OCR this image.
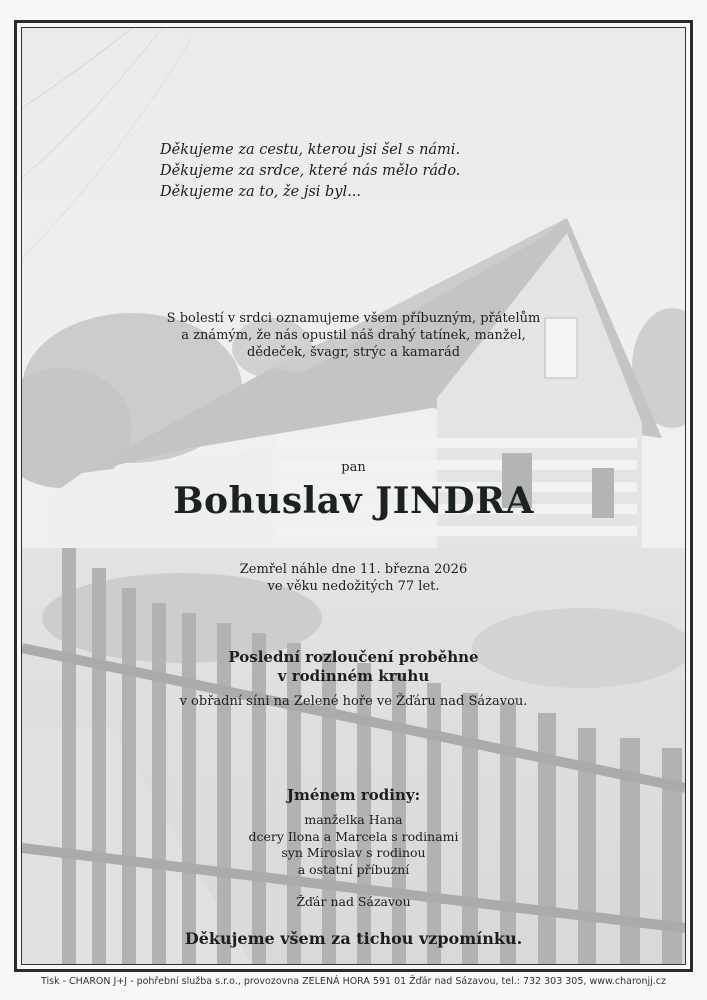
Děkujeme za cestu, kterou jsi šel s námi.
Děkujeme za srdce, které nás mělo rádo.
Děkujeme za to, že jsi byl...
S bolestí v srdci oznamujeme všem příbuzným, přátelům
a známým, že nás opustil náš drahý tatínek, manžel,
dědeček, švagr, strýc a kamarád
pan
Bohuslav JINDRA
Zemřel náhle dne 11. března 2026
ve věku nedožitých 77 let.
Poslední rozloučení proběhne
v rodinném kruhu
v obřadní síni na Zelené hoře ve Žďáru nad Sázavou.
Jménem rodiny:
manželka Hana
dcery Ilona a Marcela s rodinami
syn Miroslav s rodinou
a ostatní příbuzní
Žďár nad Sázavou
Děkujeme všem za tichou vzpomínku.
Tisk - CHARON J+J - pohřební služba s.r.o., provozovna ZELENÁ HORA 591 01 Žďár nad Sázavou, tel.: 732 303 305, www.charonjj.cz
